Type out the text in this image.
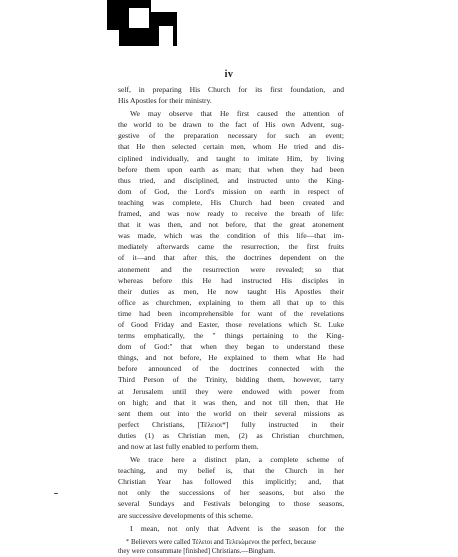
iv
self, in preparing His Church for its first foundation, and
His Apostles for their ministry.
We may observe that He first caused the attention of
the world to be drawn to the fact of His own Advent, sug-
gestive of the preparation necessary for such an event;
that He then selected certain men, whom He tried and dis-
ciplined individually, and taught to imitate Him, by living
before them upon earth as man; that when they had been
thus tried, and disciplined, and instructed unto the King-
dom of God, the Lord's mission on earth in respect of
teaching was complete, His Church had been created and
framed, and was now ready to receive the breath of life:
that it was then, and not before, that the great atonement
was made, which was the condition of this life—that im-
mediately afterwards came the resurrection, the first fruits
of it—and that after this, the doctrines dependent on the
atonement and the resurrection were revealed; so that
whereas before this He had instructed His disciples in
their duties as men, He now taught His Apostles their
office as churchmen, explaining to them all that up to this
time had been incomprehensible for want of the revelations
of Good Friday and Easter, those revelations which St. Luke
terms emphatically, the " things pertaining to the King-
dom of God:" that when they began to understand these
things, and not before, He explained to them what He had
before announced of the doctrines connected with the
Third Person of the Trinity, bidding them, however, tarry
at Jerusalem until they were endowed with power from
on high; and that it was then, and not till then, that He
sent them out into the world on their several missions as
perfect Christians, [Τέλειοι*] fully instructed in their
duties (1) as Christian men, (2) as Christian churchmen,
and now at last fully enabled to perform them.
We trace here a distinct plan, a complete scheme of
teaching, and my belief is, that the Church in her
Christian Year has followed this implicitly; and, that
not only the successions of her seasons, but also the
several Sundays and Festivals belonging to those seasons,
are successive developments of this scheme.
I mean, not only that Advent is the season for the
* Believers were called Τέλειοι and Τελειώμενοι the perfect, because
they were consummate [finished] Christians.—Bingham.
